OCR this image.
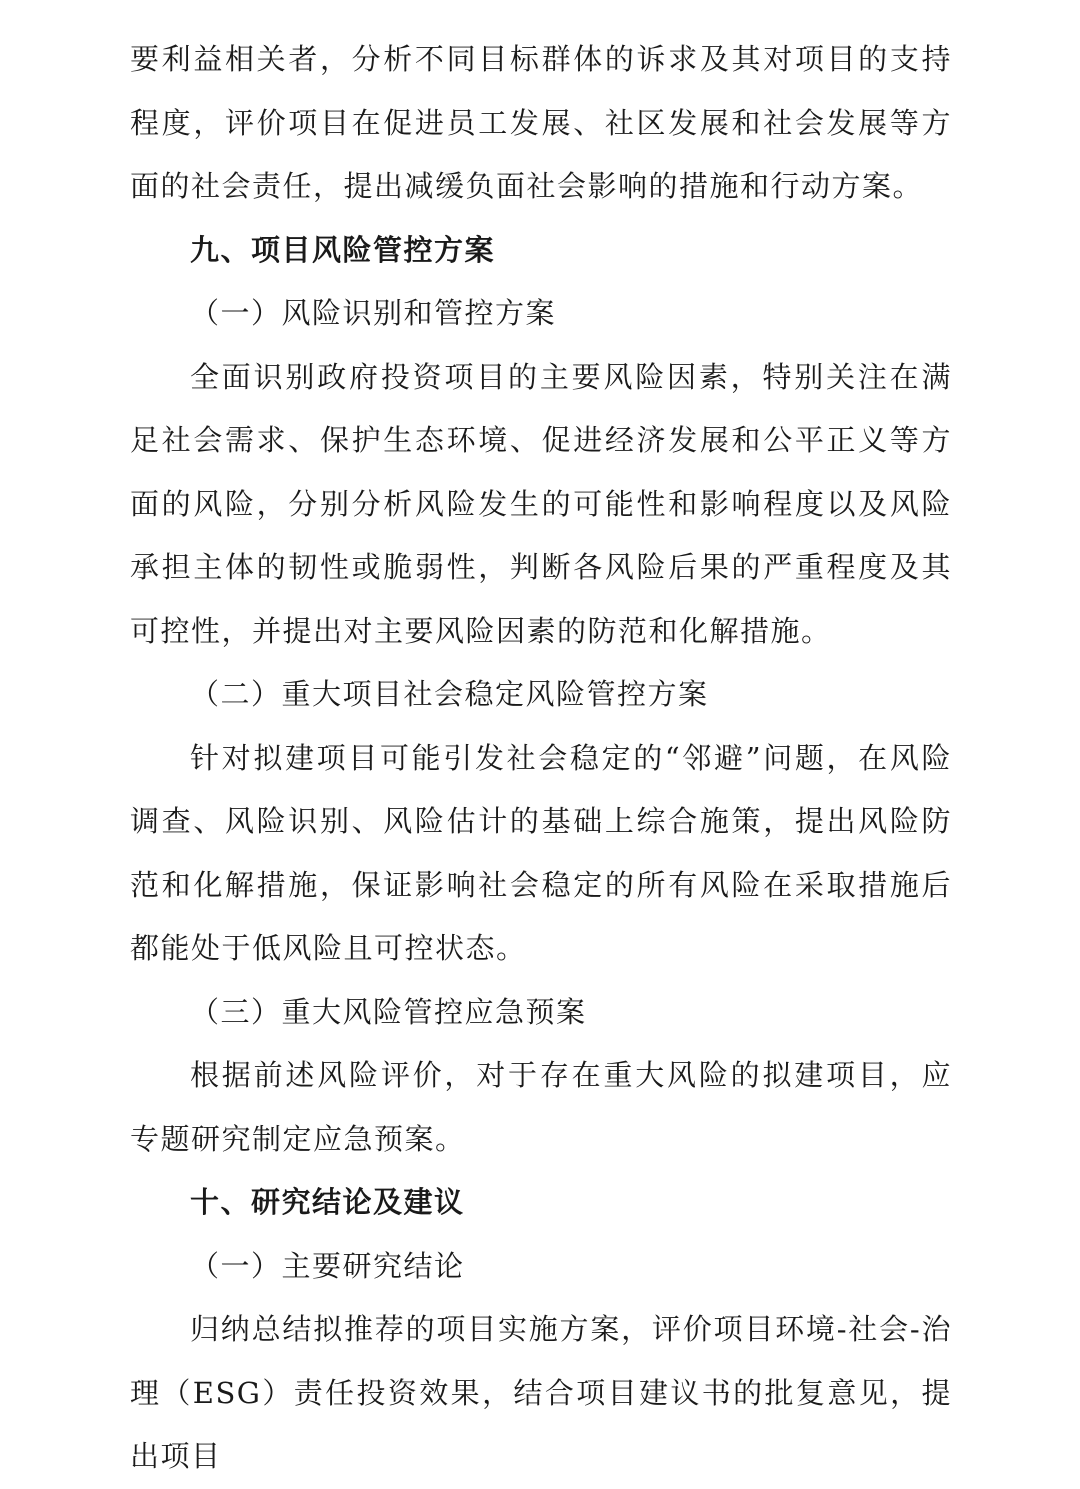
要利益相关者，分析不同目标群体的诉求及其对项目的支持程度，评价项目在促进员工发展、社区发展和社会发展等方面的社会责任，提出减缓负面社会影响的措施和行动方案。

九、项目风险管控方案

（一）风险识别和管控方案

全面识别政府投资项目的主要风险因素，特别关注在满足社会需求、保护生态环境、促进经济发展和公平正义等方面的风险，分别分析风险发生的可能性和影响程度以及风险承担主体的韧性或脆弱性，判断各风险后果的严重程度及其可控性，并提出对主要风险因素的防范和化解措施。

（二）重大项目社会稳定风险管控方案

针对拟建项目可能引发社会稳定的“邻避”问题，在风险调查、风险识别、风险估计的基础上综合施策，提出风险防范和化解措施，保证影响社会稳定的所有风险在采取措施后都能处于低风险且可控状态。

（三）重大风险管控应急预案

根据前述风险评价，对于存在重大风险的拟建项目，应专题研究制定应急预案。

十、研究结论及建议

（一）主要研究结论

归纳总结拟推荐的项目实施方案，评价项目环境-社会-治理（ESG）责任投资效果，结合项目建议书的批复意见，提出项目
